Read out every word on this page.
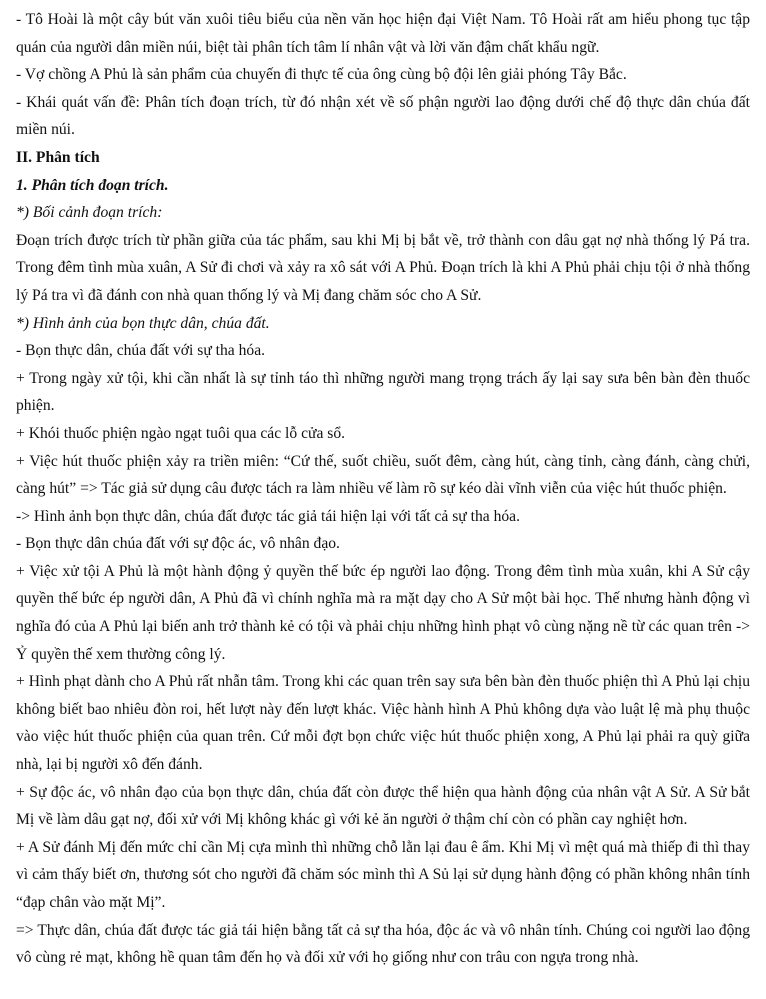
- Tô Hoài là một cây bút văn xuôi tiêu biểu của nền văn học hiện đại Việt Nam. Tô Hoài rất am hiểu phong tục tập quán của người dân miền núi, biệt tài phân tích tâm lí nhân vật và lời văn đậm chất khẩu ngữ.

- Vợ chồng A Phủ là sản phẩm của chuyến đi thực tế của ông cùng bộ đội lên giải phóng Tây Bắc.

- Khái quát vấn đề: Phân tích đoạn trích, từ đó nhận xét về số phận người lao động dưới chế độ thực dân chúa đất miền núi.

II. Phân tích

1. Phân tích đoạn trích.

*) Bối cảnh đoạn trích:

Đoạn trích được trích từ phần giữa của tác phẩm, sau khi Mị bị bắt về, trở thành con dâu gạt nợ nhà thống lý Pá tra. Trong đêm tình mùa xuân, A Sử đi chơi và xảy ra xô sát với A Phủ. Đoạn trích là khi A Phủ phải chịu tội ở nhà thống lý Pá tra vì đã đánh con nhà quan thống lý và Mị đang chăm sóc cho A Sử.

*) Hình ảnh của bọn thực dân, chúa đất.

- Bọn thực dân, chúa đất với sự tha hóa.

+ Trong ngày xử tội, khi cần nhất là sự tỉnh táo thì những người mang trọng trách ấy lại say sưa bên bàn đèn thuốc phiện.

+ Khói thuốc phiện ngào ngạt tuôi qua các lỗ cửa sổ.

+ Việc hút thuốc phiện xảy ra triền miên: “Cứ thế, suốt chiều, suốt đêm, càng hút, càng tỉnh, càng đánh, càng chửi, càng hút” => Tác giả sử dụng câu được tách ra làm nhiều vế làm rõ sự kéo dài vĩnh viễn của việc hút thuốc phiện.

-> Hình ảnh bọn thực dân, chúa đất được tác giả tái hiện lại với tất cả sự tha hóa.

- Bọn thực dân chúa đất với sự độc ác, vô nhân đạo.

+ Việc xử tội A Phủ là một hành động ỷ quyền thế bức ép người lao động. Trong đêm tình mùa xuân, khi A Sử cậy quyền thế bức ép người dân, A Phủ đã vì chính nghĩa mà ra mặt dạy cho A Sử một bài học. Thế nhưng hành động vì nghĩa đó của A Phủ lại biến anh trở thành kẻ có tội và phải chịu những hình phạt vô cùng nặng nề từ các quan trên -> Ỷ quyền thế xem thường công lý.

+ Hình phạt dành cho A Phủ rất nhẫn tâm. Trong khi các quan trên say sưa bên bàn đèn thuốc phiện thì A Phủ lại chịu không biết bao nhiêu đòn roi, hết lượt này đến lượt khác. Việc hành hình A Phủ không dựa vào luật lệ mà phụ thuộc vào việc hút thuốc phiện của quan trên. Cứ mỗi đợt bọn chức việc hút thuốc phiện xong, A Phủ lại phải ra quỳ giữa nhà, lại bị người xô đến đánh.

+ Sự độc ác, vô nhân đạo của bọn thực dân, chúa đất còn được thể hiện qua hành động của nhân vật A Sử. A Sử bắt Mị về làm dâu gạt nợ, đối xử với Mị không khác gì với kẻ ăn người ở thậm chí còn có phần cay nghiệt hơn.

+ A Sử đánh Mị đến mức chỉ cần Mị cựa mình thì những chỗ lằn lại đau ê ẩm. Khi Mị vì mệt quá mà thiếp đi thì thay vì cảm thấy biết ơn, thương sót cho người đã chăm sóc mình thì A Sủ lại sử dụng hành động có phần không nhân tính “đạp chân vào mặt Mị”.

=> Thực dân, chúa đất được tác giả tái hiện bằng tất cả sự tha hóa, độc ác và vô nhân tính. Chúng coi người lao động vô cùng rẻ mạt, không hề quan tâm đến họ và đối xử với họ giống như con trâu con ngựa trong nhà.
